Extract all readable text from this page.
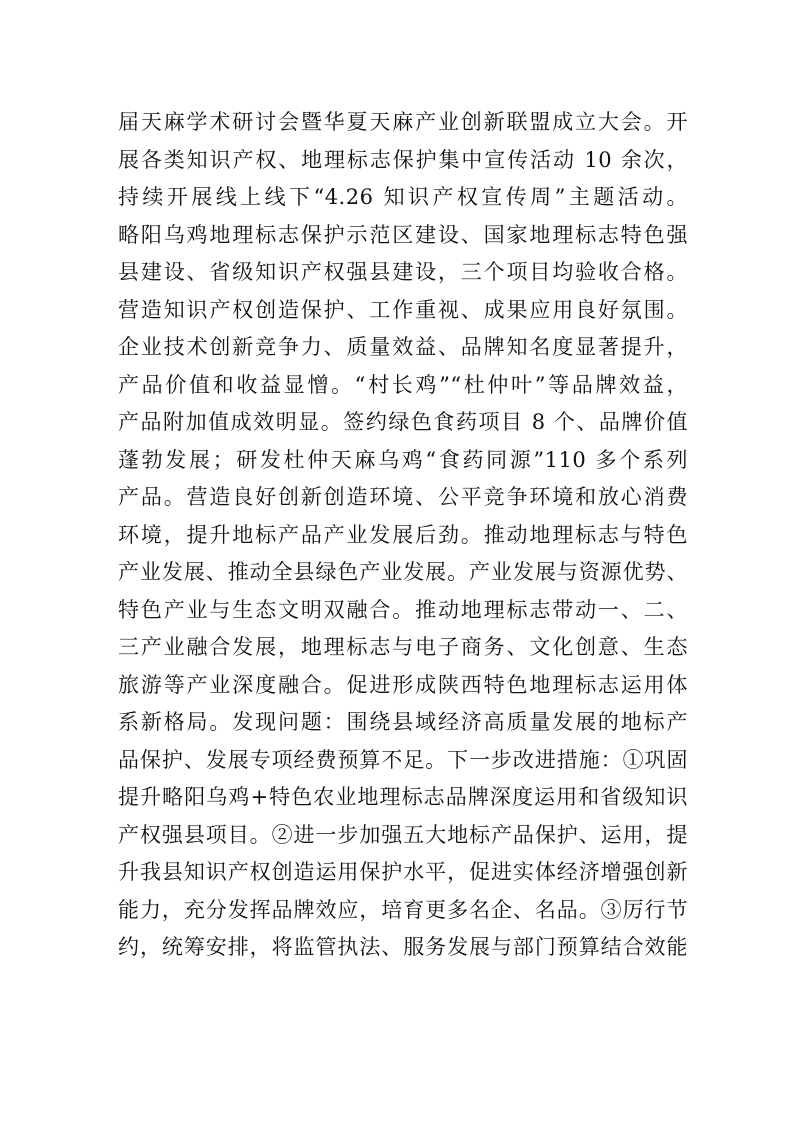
届天麻学术研讨会暨华夏天麻产业创新联盟成立大会。开
展各类知识产权、地理标志保护集中宣传活动 10 余次，
持续开展线上线下“4.26 知识产权宣传周”主题活动。
略阳乌鸡地理标志保护示范区建设、国家地理标志特色强
县建设、省级知识产权强县建设，三个项目均验收合格。
营造知识产权创造保护、工作重视、成果应用良好氛围。
企业技术创新竞争力、质量效益、品牌知名度显著提升，
产品价值和收益显憎。“村长鸡”“杜仲叶”等品牌效益，
产品附加值成效明显。签约绿色食药项目 8 个、品牌价值
蓬勃发展；研发杜仲天麻乌鸡“食药同源”110 多个系列
产品。营造良好创新创造环境、公平竞争环境和放心消费
环境，提升地标产品产业发展后劲。推动地理标志与特色
产业发展、推动全县绿色产业发展。产业发展与资源优势、
特色产业与生态文明双融合。推动地理标志带动一、二、
三产业融合发展，地理标志与电子商务、文化创意、生态
旅游等产业深度融合。促进形成陕西特色地理标志运用体
系新格局。发现问题：围绕县域经济高质量发展的地标产
品保护、发展专项经费预算不足。下一步改进措施：①巩固
提升略阳乌鸡+特色农业地理标志品牌深度运用和省级知识
产权强县项目。②进一步加强五大地标产品保护、运用，提
升我县知识产权创造运用保护水平，促进实体经济增强创新
能力，充分发挥品牌效应，培育更多名企、名品。③厉行节
约，统筹安排，将监管执法、服务发展与部门预算结合效能
